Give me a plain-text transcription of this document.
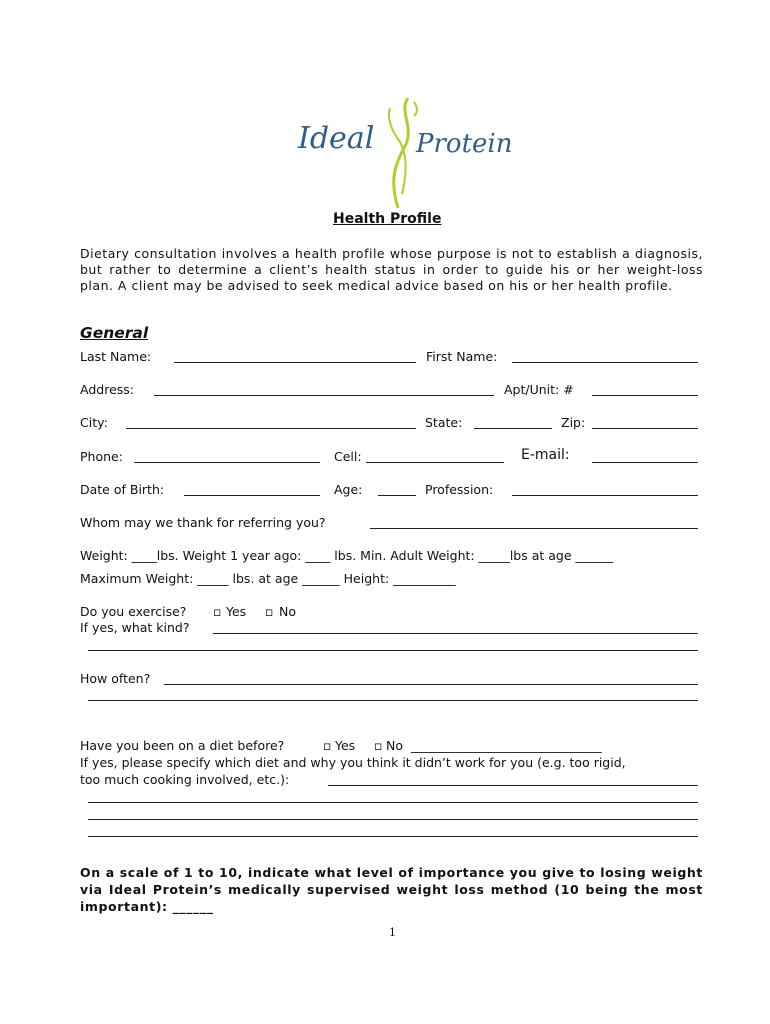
Ideal Protein
Health Profile
Dietary consultation involves a health profile whose purpose is not to establish a diagnosis, but rather to determine a client’s health status in order to guide his or her weight-loss plan. A client may be advised to seek medical advice based on his or her health profile.
General
Last Name:	First Name:
Address:	Apt/Unit: #
City:	State:	Zip:
Phone:	Cell:	E-mail:
Date of Birth:	Age:	Profession:
Whom may we thank for referring you?
Weight: ____lbs. Weight 1 year ago: ____ lbs. Min. Adult Weight: _____lbs at age ______
Maximum Weight: _____ lbs. at age ______ Height: __________
Do you exercise? ▫ Yes ▫ No
If yes, what kind?
How often?
Have you been on a diet before?	▫ Yes ▫ No ________________________________
If yes, please specify which diet and why you think it didn’t work for you (e.g. too rigid,
too much cooking involved, etc.):
On a scale of 1 to 10, indicate what level of importance you give to losing weight via Ideal Protein’s medically supervised weight loss method (10 being the most important): ______
1
